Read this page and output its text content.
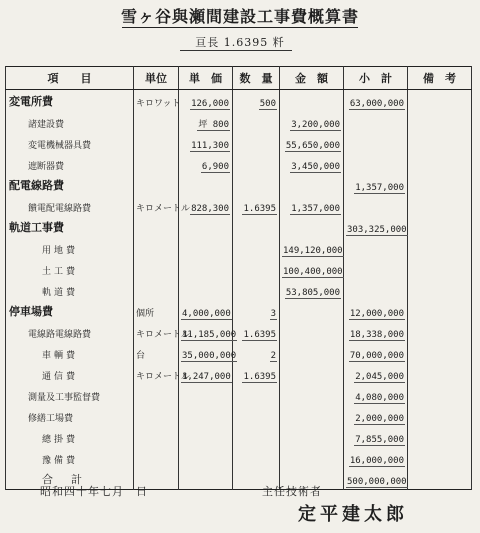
雪ヶ谷與瀬間建設工事費概算書
亘長 1.6395 粁
項　　目	単位	単　価	数　量	金　額	小　計	備　考
変電所費	キロワット	126,000	500		63,000,000	
諸建設費		坪 800		3,200,000		
変電機械器具費		111,300		55,650,000		
遮断器費		6,900		3,450,000		
配電線路費					1,357,000	
饋電配電線路費	キロメートル	828,300	1.6395	1,357,000		
軌道工事費					303,325,000	
用地費				149,120,000		
土工費				100,400,000		
軌道費				53,805,000		
停車場費	個所	4,000,000	3		12,000,000	
電線路電線路費	キロメートル	11,185,000	1.6395		18,338,000	
車輌費	台	35,000,000	2		70,000,000	
通信費	キロメートル	1,247,000	1.6395		2,045,000	
測量及工事監督費					4,080,000	
修繕工場費					2,000,000	
總掛費					7,855,000	
豫備費					16,000,000	
合計					500,000,000	
昭和四十年七月　日	主任技術者
定平建太郎
